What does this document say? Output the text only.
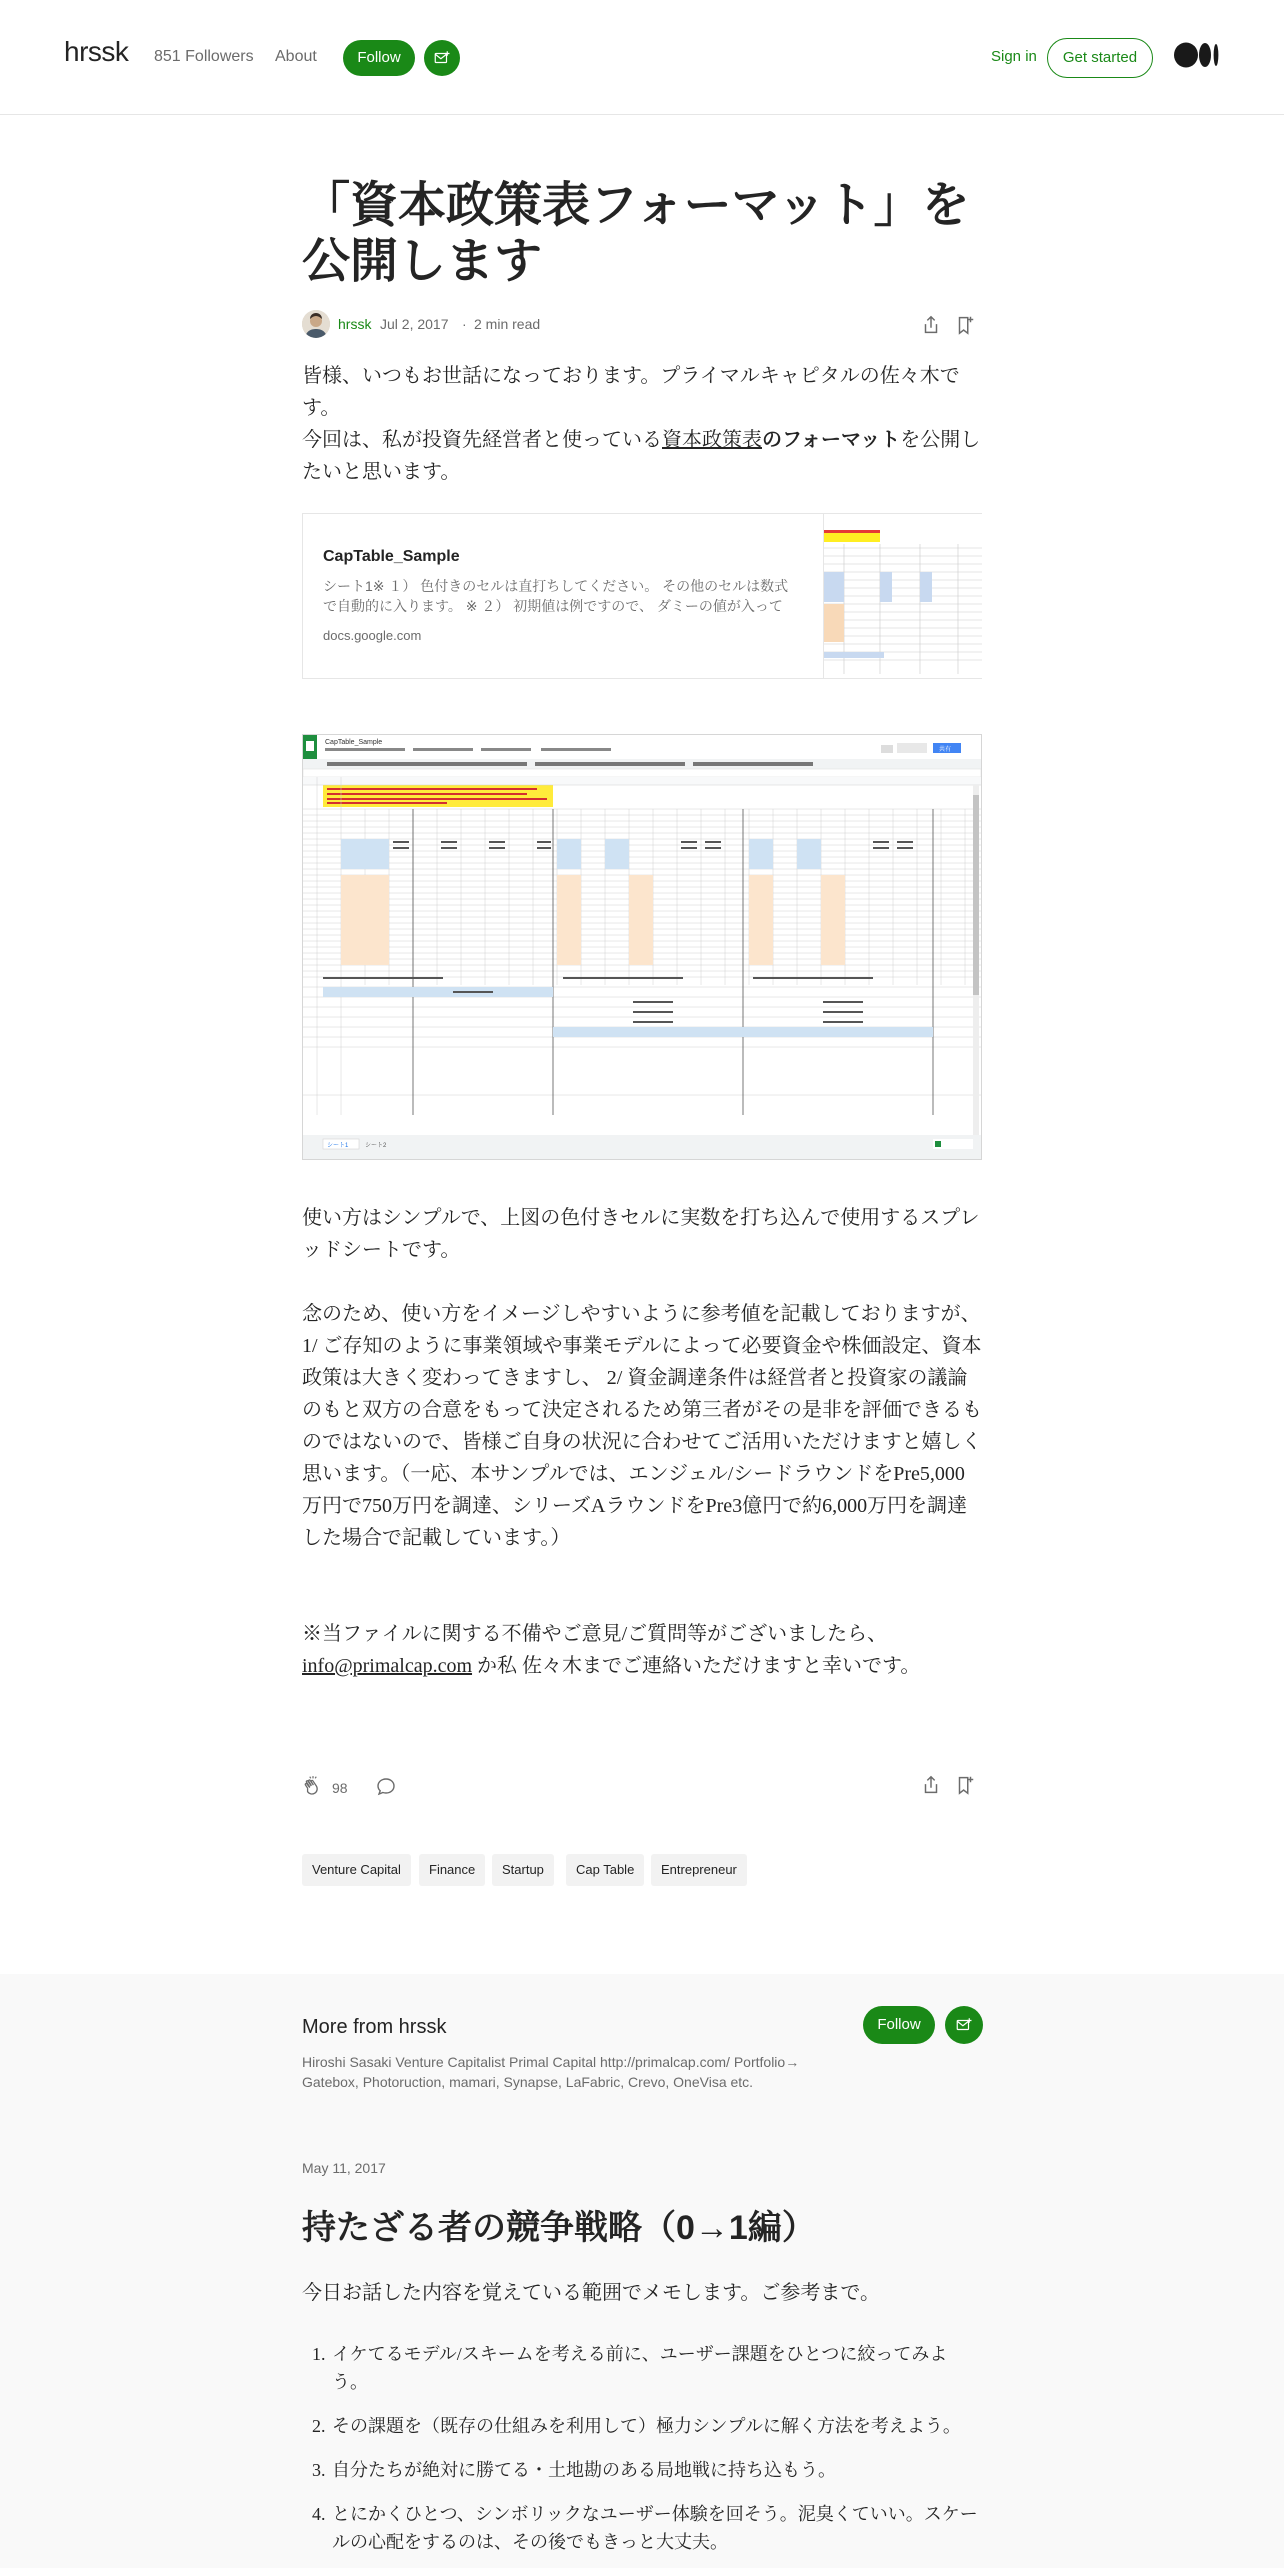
hrssk 851 Followers About	Follow	Sign in	Get started
「資本政策表フォーマット」を公開します
hrssk Jul 2, 2017 · 2 min read

皆様、いつもお世話になっております。プライマルキャピタルの佐々木です。

今回は、私が投資先経営者と使っている資本政策表のフォーマットを公開したいと思います。

CapTable_Sample
シート1※ １） 色付きのセルは直打ちしてください。 その他のセルは数式で自動的に入ります。 ※ ２） 初期値は例ですので、 ダミーの値が入って
docs.google.com
CapTable_Sample
共有
シート1	シート2

使い方はシンプルで、上図の色付きセルに実数を打ち込んで使用するスプレッドシートです。

念のため、使い方をイメージしやすいように参考値を記載しておりますが、1/ ご存知のように事業領域や事業モデルによって必要資金や株価設定、資本政策は大きく変わってきますし、 2/ 資金調達条件は経営者と投資家の議論のもと双方の合意をもって決定されるため第三者がその是非を評価できるものではないので、皆様ご自身の状況に合わせてご活用いただけますと嬉しく思います。（一応、本サンプルでは、エンジェル/シードラウンドをPre5,000万円で750万円を調達、シリーズAラウンドをPre3億円で約6,000万円を調達した場合で記載しています。）

※当ファイルに関する不備やご意見/ご質問等がございましたら、info@primalcap.com か私 佐々木までご連絡いただけますと幸いです。

98
Venture Capital	Finance	Startup	Cap Table	Entrepreneur
More from hrssk
Hiroshi Sasaki Venture Capitalist Primal Capital http://primalcap.com/ Portfolio→ Gatebox, Photoructio​n, mamari, Synapse, LaFabric, Crevo, OneVisa etc.
Follow
May 11, 2017
持たざる者の競争戦略（0→1編）
今日お話した内容を覚えている範囲でメモします。ご参考まで。
1. イケてるモデル/スキームを考える前に、ユーザー課題をひとつに絞ってみよう。
2. その課題を（既存の仕組みを利用して）極力シンプルに解く方法を考えよう。
3. 自分たちが絶対に勝てる・土地勘のある局地戦に持ち込もう。
4. とにかくひとつ、シンボリックなユーザー体験を回そう。泥臭くていい。スケールの心配をするのは、その後でもきっと大丈夫。
